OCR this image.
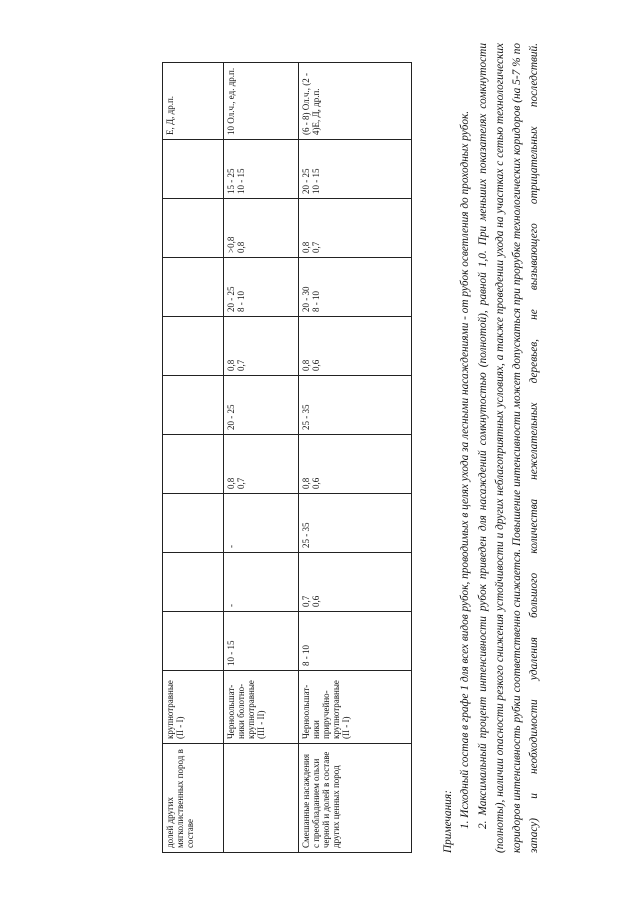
долей других мягколиственных пород в составе	крупнотравные (II - I)										Е, Д, др.п.
	Черноольшат-ники болотно-крупнотравные (III - II)	10 - 15	-	-	0,8 0,7	20 - 25	0,8 0,7	20 - 25 8 - 10	>0,8 0,8	15 - 25 10 - 15	10 Ол.ч., ед. др.п.
Смешанные насаждения с преобладанием ольхи черной и долей в составе других ценных пород	Черноольшат-ники приручейно-крупнотравные (II - I)	8 - 10	0,7 0,6	25 - 35	0,8 0,6	25 - 35	0,8 0,6	20 - 30 8 - 10	0,8 0,7	20 - 25 10 - 15	(6 - 8) Ол.ч., (2 - 4)Е, Д, др.п.

Примечания: 1. Исходный состав в графе 1 для всех видов рубок, проводимых в целях ухода за лесными насаждениями - от рубок осветления до проходных рубок. 2. Максимальный процент интенсивности рубок приведен для насаждений сомкнутостью (полнотой), равной 1,0. При меньших показателях сомкнутости (полноты), наличии опасности резкого снижения устойчивости и других неблагоприятных условиях, а также проведении ухода на участках с сетью технологических коридоров интенсивность рубки соответственно снижается. Повышение интенсивности может допускаться при прорубке технологических коридоров (на 5-7 % по запасу) и необходимости удаления большого количества нежелательных деревьев, не вызывающего отрицательных последствий.
